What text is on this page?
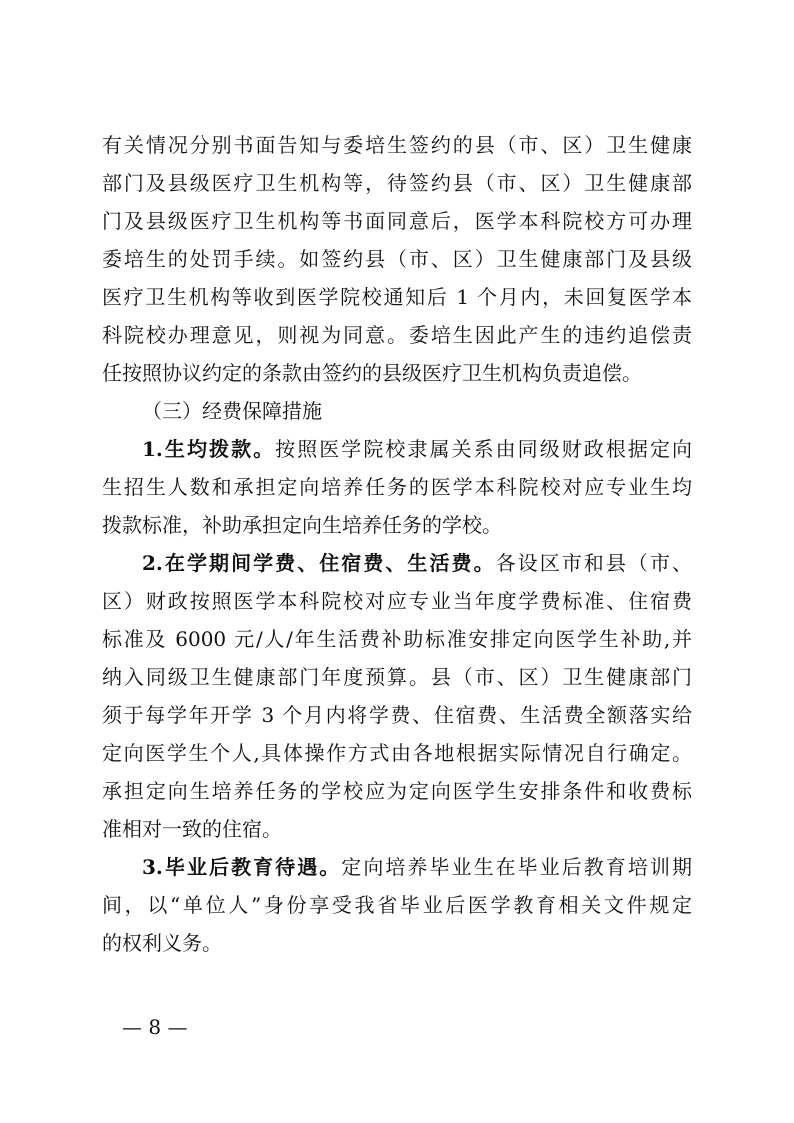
有关情况分别书面告知与委培生签约的县（市、区）卫生健康
部门及县级医疗卫生机构等，待签约县（市、区）卫生健康部
门及县级医疗卫生机构等书面同意后，医学本科院校方可办理
委培生的处罚手续。如签约县（市、区）卫生健康部门及县级
医疗卫生机构等收到医学院校通知后 1 个月内，未回复医学本
科院校办理意见，则视为同意。委培生因此产生的违约追偿责
任按照协议约定的条款由签约的县级医疗卫生机构负责追偿。
（三）经费保障措施
1.生均拨款。按照医学院校隶属关系由同级财政根据定向
生招生人数和承担定向培养任务的医学本科院校对应专业生均
拨款标准，补助承担定向生培养任务的学校。
2.在学期间学费、住宿费、生活费。各设区市和县（市、
区）财政按照医学本科院校对应专业当年度学费标准、住宿费
标准及 6000 元/人/年生活费补助标准安排定向医学生补助,并
纳入同级卫生健康部门年度预算。县（市、区）卫生健康部门
须于每学年开学 3 个月内将学费、住宿费、生活费全额落实给
定向医学生个人,具体操作方式由各地根据实际情况自行确定。
承担定向生培养任务的学校应为定向医学生安排条件和收费标
准相对一致的住宿。
3.毕业后教育待遇。定向培养毕业生在毕业后教育培训期
间，以“单位人”身份享受我省毕业后医学教育相关文件规定
的权利义务。
— 8 —
